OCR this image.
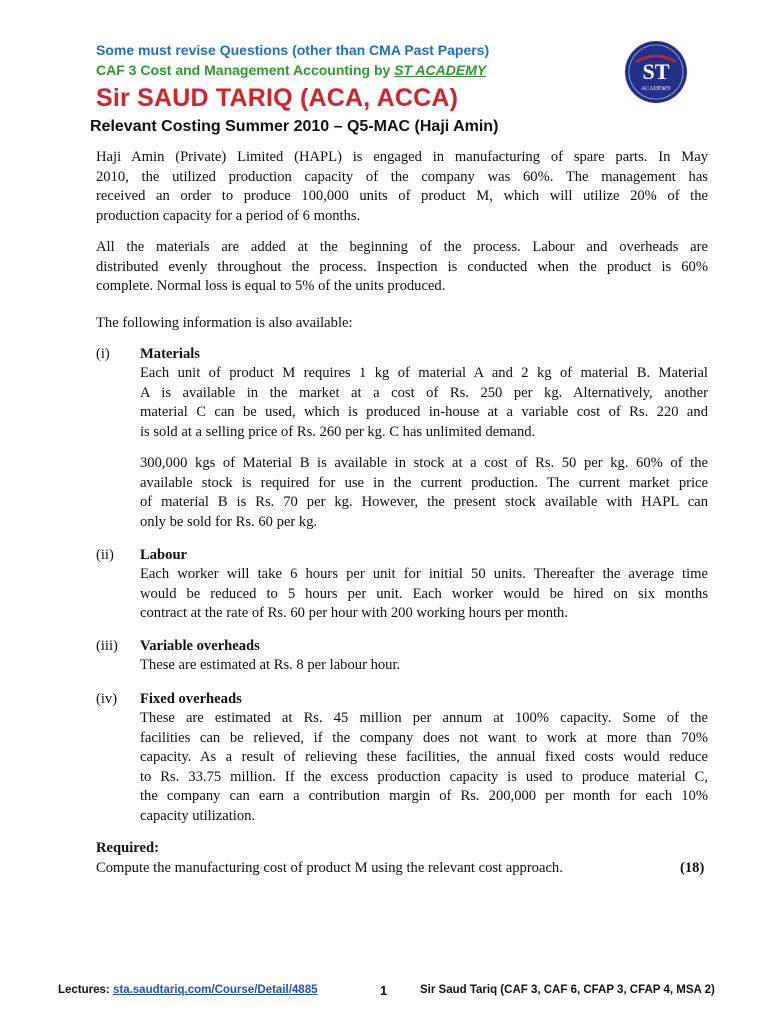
Some must revise Questions (other than CMA Past Papers)
CAF 3 Cost and Management Accounting by ST ACADEMY
Sir SAUD TARIQ (ACA, ACCA)
Relevant Costing Summer 2010 – Q5-MAC (Haji Amin)
ST
ACADEMY
Haji Amin (Private) Limited (HAPL) is engaged in manufacturing of spare parts. In May
2010, the utilized production capacity of the company was 60%. The management has
received an order to produce 100,000 units of product M, which will utilize 20% of the
production capacity for a period of 6 months.
All the materials are added at the beginning of the process. Labour and overheads are
distributed evenly throughout the process. Inspection is conducted when the product is 60%
complete. Normal loss is equal to 5% of the units produced.
The following information is also available:
(i) Materials
Each unit of product M requires 1 kg of material A and 2 kg of material B. Material
A is available in the market at a cost of Rs. 250 per kg. Alternatively, another
material C can be used, which is produced in-house at a variable cost of Rs. 220 and
is sold at a selling price of Rs. 260 per kg. C has unlimited demand.
300,000 kgs of Material B is available in stock at a cost of Rs. 50 per kg. 60% of the
available stock is required for use in the current production. The current market price
of material B is Rs. 70 per kg. However, the present stock available with HAPL can
only be sold for Rs. 60 per kg.
(ii) Labour
Each worker will take 6 hours per unit for initial 50 units. Thereafter the average time
would be reduced to 5 hours per unit. Each worker would be hired on six months
contract at the rate of Rs. 60 per hour with 200 working hours per month.
(iii) Variable overheads
These are estimated at Rs. 8 per labour hour.
(iv) Fixed overheads
These are estimated at Rs. 45 million per annum at 100% capacity. Some of the
facilities can be relieved, if the company does not want to work at more than 70%
capacity. As a result of relieving these facilities, the annual fixed costs would reduce
to Rs. 33.75 million. If the excess production capacity is used to produce material C,
the company can earn a contribution margin of Rs. 200,000 per month for each 10%
capacity utilization.
Required:
Compute the manufacturing cost of product M using the relevant cost approach.	(18)
Lectures: sta.saudtariq.com/Course/Detail/4885	1	Sir Saud Tariq (CAF 3, CAF 6, CFAP 3, CFAP 4, MSA 2)
